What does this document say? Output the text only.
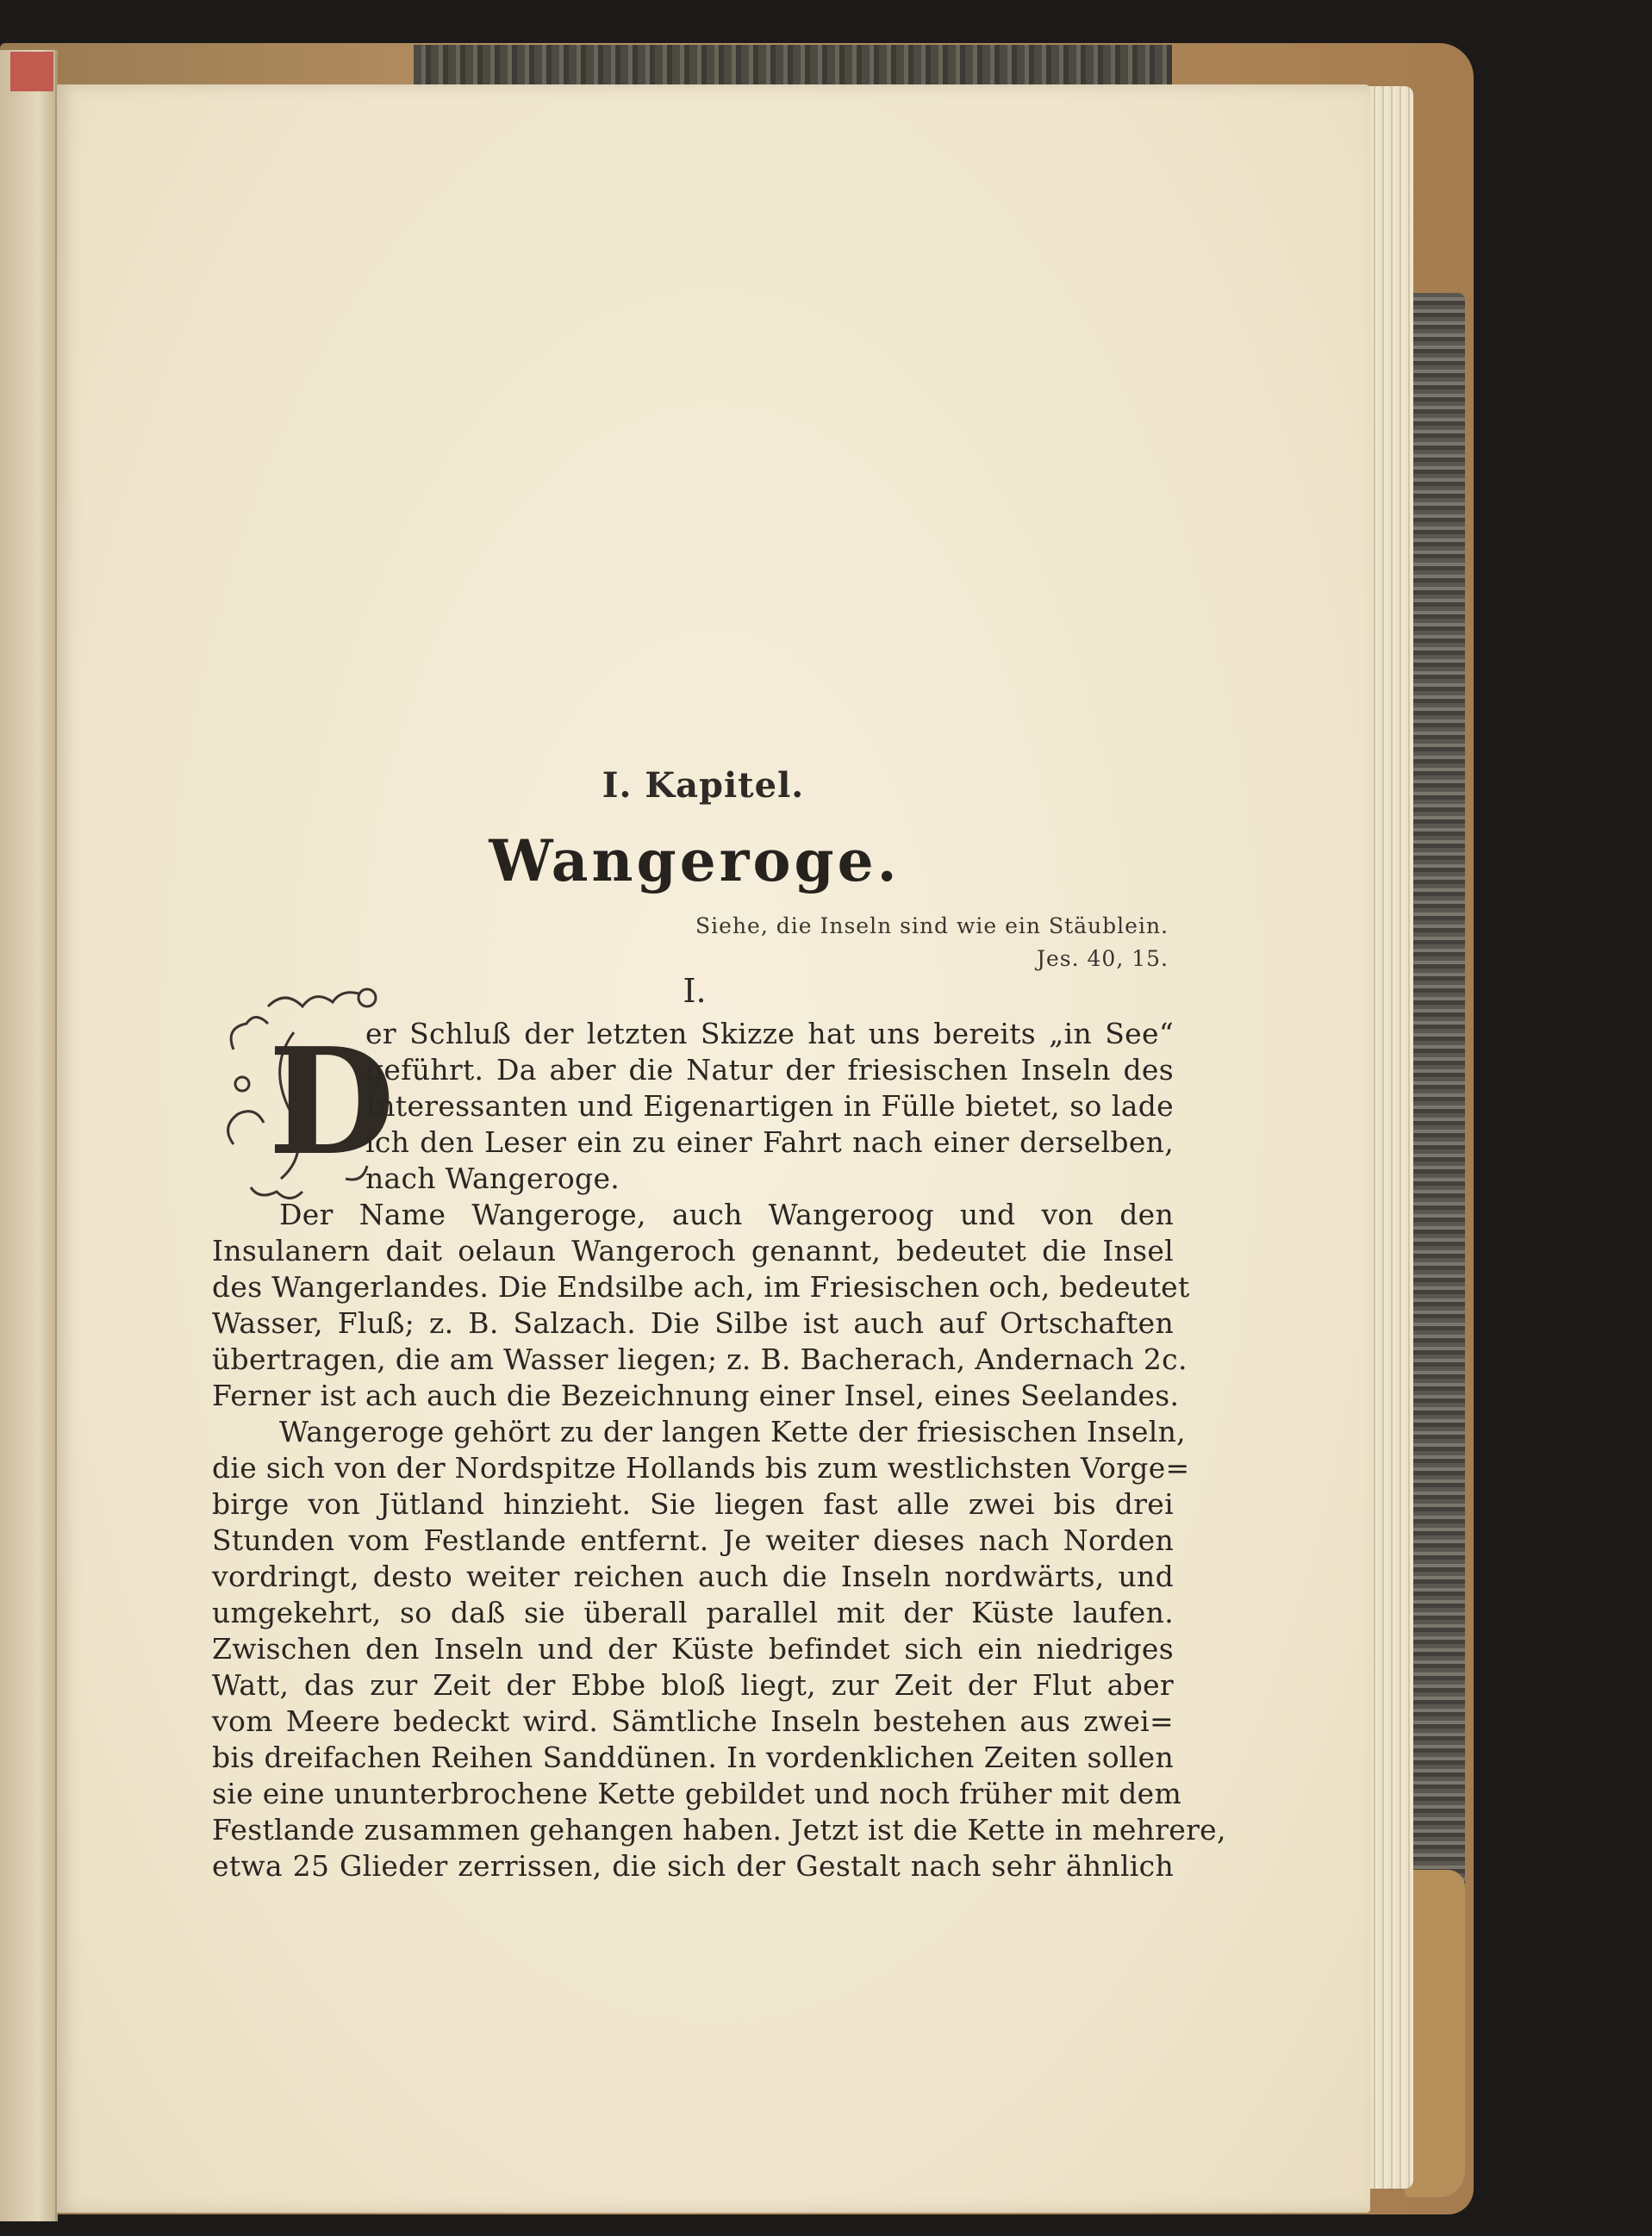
I. Kapitel.
Wangeroge.
Siehe, die Inseln sind wie ein Stäublein.
Jes. 40, 15.
I.
D
er Schluß der letzten Skizze hat uns bereits „in See“
geführt. Da aber die Natur der friesischen Inseln des
Interessanten und Eigenartigen in Fülle bietet, so lade
ich den Leser ein zu einer Fahrt nach einer derselben,
nach Wangeroge.
Der Name Wangeroge, auch Wangeroog und von den
Insulanern dait oelaun Wangeroch genannt, bedeutet die Insel
des Wangerlandes. Die Endsilbe ach, im Friesischen och, bedeutet
Wasser, Fluß; z. B. Salzach. Die Silbe ist auch auf Ortschaften
übertragen, die am Wasser liegen; z. B. Bacherach, Andernach 2c.
Ferner ist ach auch die Bezeichnung einer Insel, eines Seelandes.
Wangeroge gehört zu der langen Kette der friesischen Inseln,
die sich von der Nordspitze Hollands bis zum westlichsten Vorge=
birge von Jütland hinzieht. Sie liegen fast alle zwei bis drei
Stunden vom Festlande entfernt. Je weiter dieses nach Norden
vordringt, desto weiter reichen auch die Inseln nordwärts, und
umgekehrt, so daß sie überall parallel mit der Küste laufen.
Zwischen den Inseln und der Küste befindet sich ein niedriges
Watt, das zur Zeit der Ebbe bloß liegt, zur Zeit der Flut aber
vom Meere bedeckt wird. Sämtliche Inseln bestehen aus zwei=
bis dreifachen Reihen Sanddünen. In vordenklichen Zeiten sollen
sie eine ununterbrochene Kette gebildet und noch früher mit dem
Festlande zusammen gehangen haben. Jetzt ist die Kette in mehrere,
etwa 25 Glieder zerrissen, die sich der Gestalt nach sehr ähnlich
